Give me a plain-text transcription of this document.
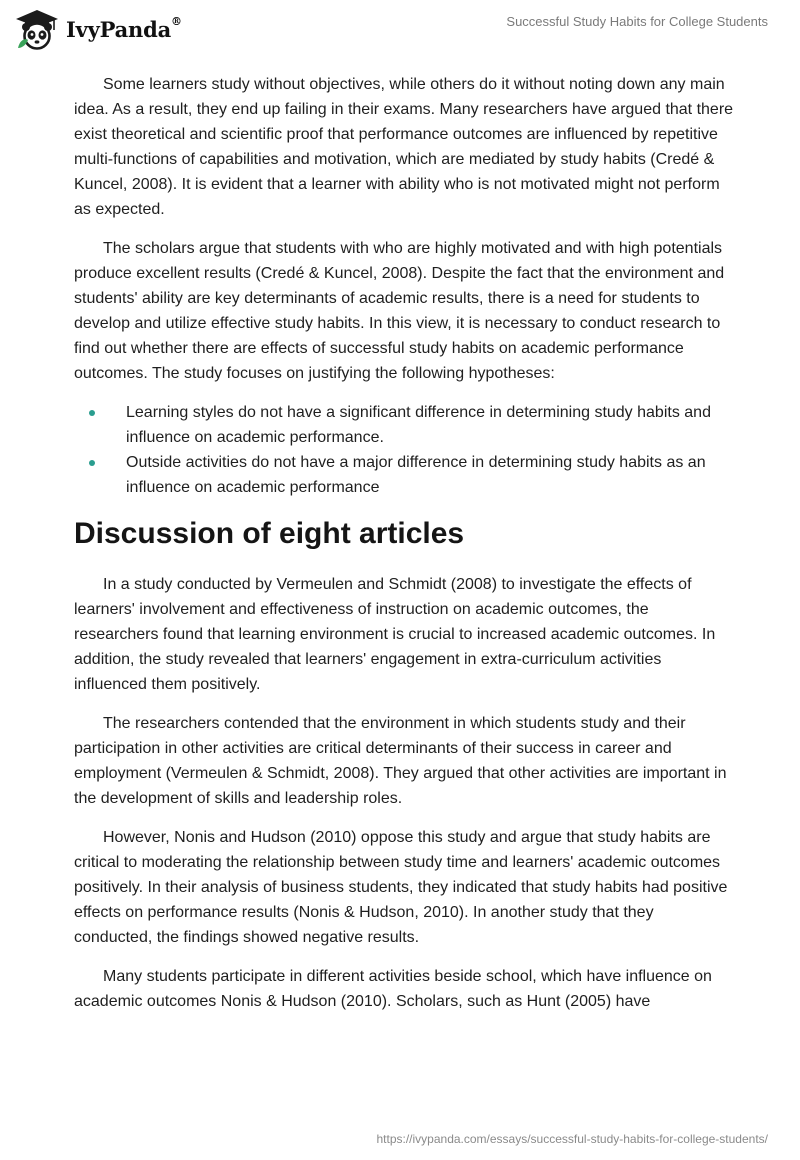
IvyPanda®	Successful Study Habits for College Students

Some learners study without objectives, while others do it without noting down any main idea. As a result, they end up failing in their exams. Many researchers have argued that there exist theoretical and scientific proof that performance outcomes are influenced by repetitive multi-functions of capabilities and motivation, which are mediated by study habits (Credé & Kuncel, 2008). It is evident that a learner with ability who is not motivated might not perform as expected.

The scholars argue that students with who are highly motivated and with high potentials produce excellent results (Credé & Kuncel, 2008). Despite the fact that the environment and students' ability are key determinants of academic results, there is a need for students to develop and utilize effective study habits. In this view, it is necessary to conduct research to find out whether there are effects of successful study habits on academic performance outcomes. The study focuses on justifying the following hypotheses:

Learning styles do not have a significant difference in determining study habits and influence on academic performance.
Outside activities do not have a major difference in determining study habits as an influence on academic performance
Discussion of eight articles

In a study conducted by Vermeulen and Schmidt (2008) to investigate the effects of learners' involvement and effectiveness of instruction on academic outcomes, the researchers found that learning environment is crucial to increased academic outcomes. In addition, the study revealed that learners' engagement in extra-curriculum activities influenced them positively.

The researchers contended that the environment in which students study and their participation in other activities are critical determinants of their success in career and employment (Vermeulen & Schmidt, 2008). They argued that other activities are important in the development of skills and leadership roles.

However, Nonis and Hudson (2010) oppose this study and argue that study habits are critical to moderating the relationship between study time and learners' academic outcomes positively. In their analysis of business students, they indicated that study habits had positive effects on performance results (Nonis & Hudson, 2010). In another study that they conducted, the findings showed negative results.

Many students participate in different activities beside school, which have influence on academic outcomes Nonis & Hudson (2010). Scholars, such as Hunt (2005) have

https://ivypanda.com/essays/successful-study-habits-for-college-students/
